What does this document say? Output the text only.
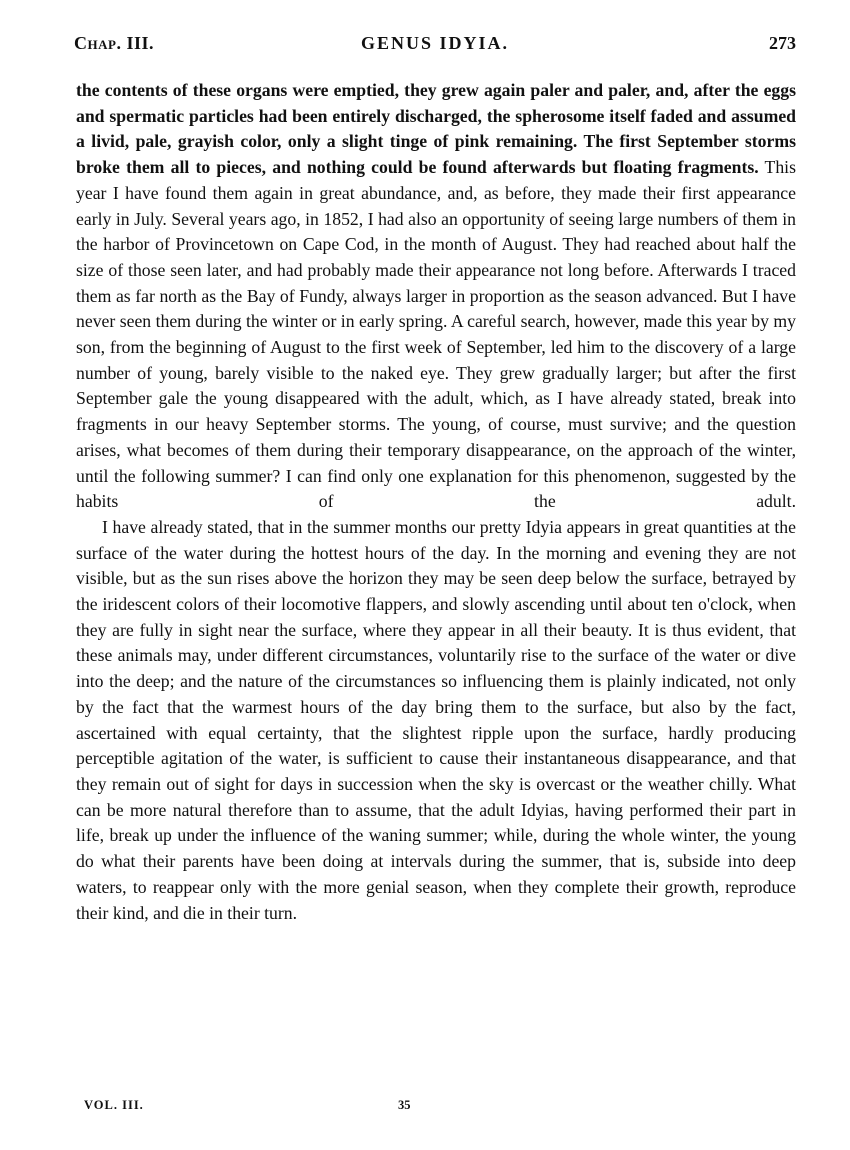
Chap. III.	GENUS IDYIA.	273

the contents of these organs were emptied, they grew again paler and paler, and, after the eggs and spermatic particles had been entirely discharged, the spherosome itself faded and assumed a livid, pale, grayish color, only a slight tinge of pink remaining. The first September storms broke them all to pieces, and nothing could be found afterwards but floating fragments. This year I have found them again in great abundance, and, as before, they made their first appearance early in July. Several years ago, in 1852, I had also an opportunity of seeing large numbers of them in the harbor of Provincetown on Cape Cod, in the month of August. They had reached about half the size of those seen later, and had probably made their appearance not long before. Afterwards I traced them as far north as the Bay of Fundy, always larger in proportion as the season advanced. But I have never seen them during the winter or in early spring. A careful search, however, made this year by my son, from the beginning of August to the first week of September, led him to the discovery of a large number of young, barely visible to the naked eye. They grew gradually larger; but after the first September gale the young disappeared with the adult, which, as I have already stated, break into fragments in our heavy September storms. The young, of course, must survive; and the question arises, what becomes of them during their temporary disappearance, on the approach of the winter, until the following summer? I can find only one explanation for this phenomenon, suggested by the habits of the adult.

I have already stated, that in the summer months our pretty Idyia appears in great quantities at the surface of the water during the hottest hours of the day. In the morning and evening they are not visible, but as the sun rises above the horizon they may be seen deep below the surface, betrayed by the iridescent colors of their locomotive flappers, and slowly ascending until about ten o'clock, when they are fully in sight near the surface, where they appear in all their beauty. It is thus evident, that these animals may, under different circumstances, voluntarily rise to the surface of the water or dive into the deep; and the nature of the circumstances so influencing them is plainly indicated, not only by the fact that the warmest hours of the day bring them to the surface, but also by the fact, ascertained with equal certainty, that the slightest ripple upon the surface, hardly producing perceptible agitation of the water, is sufficient to cause their instantaneous disappearance, and that they remain out of sight for days in succession when the sky is overcast or the weather chilly. What can be more natural therefore than to assume, that the adult Idyias, having performed their part in life, break up under the influence of the waning summer; while, during the whole winter, the young do what their parents have been doing at intervals during the summer, that is, subside into deep waters, to reappear only with the more genial season, when they complete their growth, reproduce their kind, and die in their turn.

VOL. III.	35
